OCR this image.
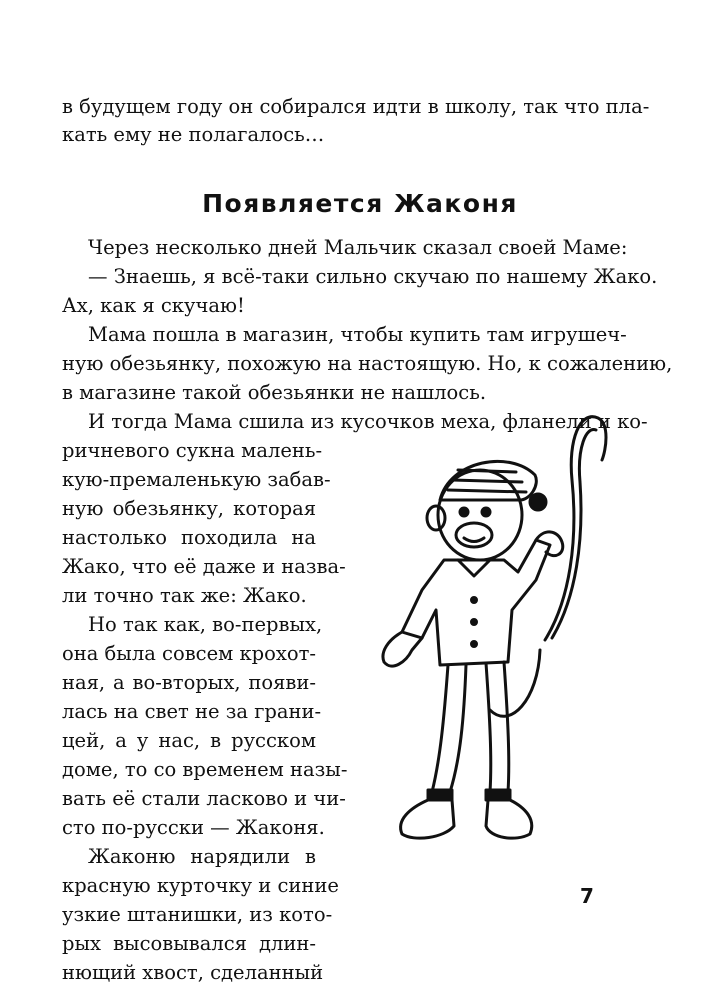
в будущем году он собирался идти в школу, так что пла-
кать ему не полагалось…
Появляется Жаконя
Через несколько дней Мальчик сказал своей Маме:
— Знаешь, я всё-таки сильно скучаю по нашему Жако.
Ах, как я скучаю!
Мама пошла в магазин, чтобы купить там игрушеч-
ную обезьянку, похожую на настоящую. Но, к сожалению,
в магазине такой обезьянки не нашлось.
И тогда Мама сшила из кусочков меха, фланели и ко-
ричневого сукна малень-
кую-премаленькую забав-
ную обезьянку, которая
настолько походила на
Жако, что её даже и назва-
ли точно так же: Жако.
Но так как, во-первых,
она была совсем крохот-
ная, а во-вторых, появи-
лась на свет не за грани-
цей, а у нас, в русском
доме, то со временем назы-
вать её стали ласково и чи-
сто по-русски — Жаконя.
Жаконю нарядили в
красную курточку и синие
узкие штанишки, из кото-
рых высовывался длин-
нющий хвост, сделанный
7
